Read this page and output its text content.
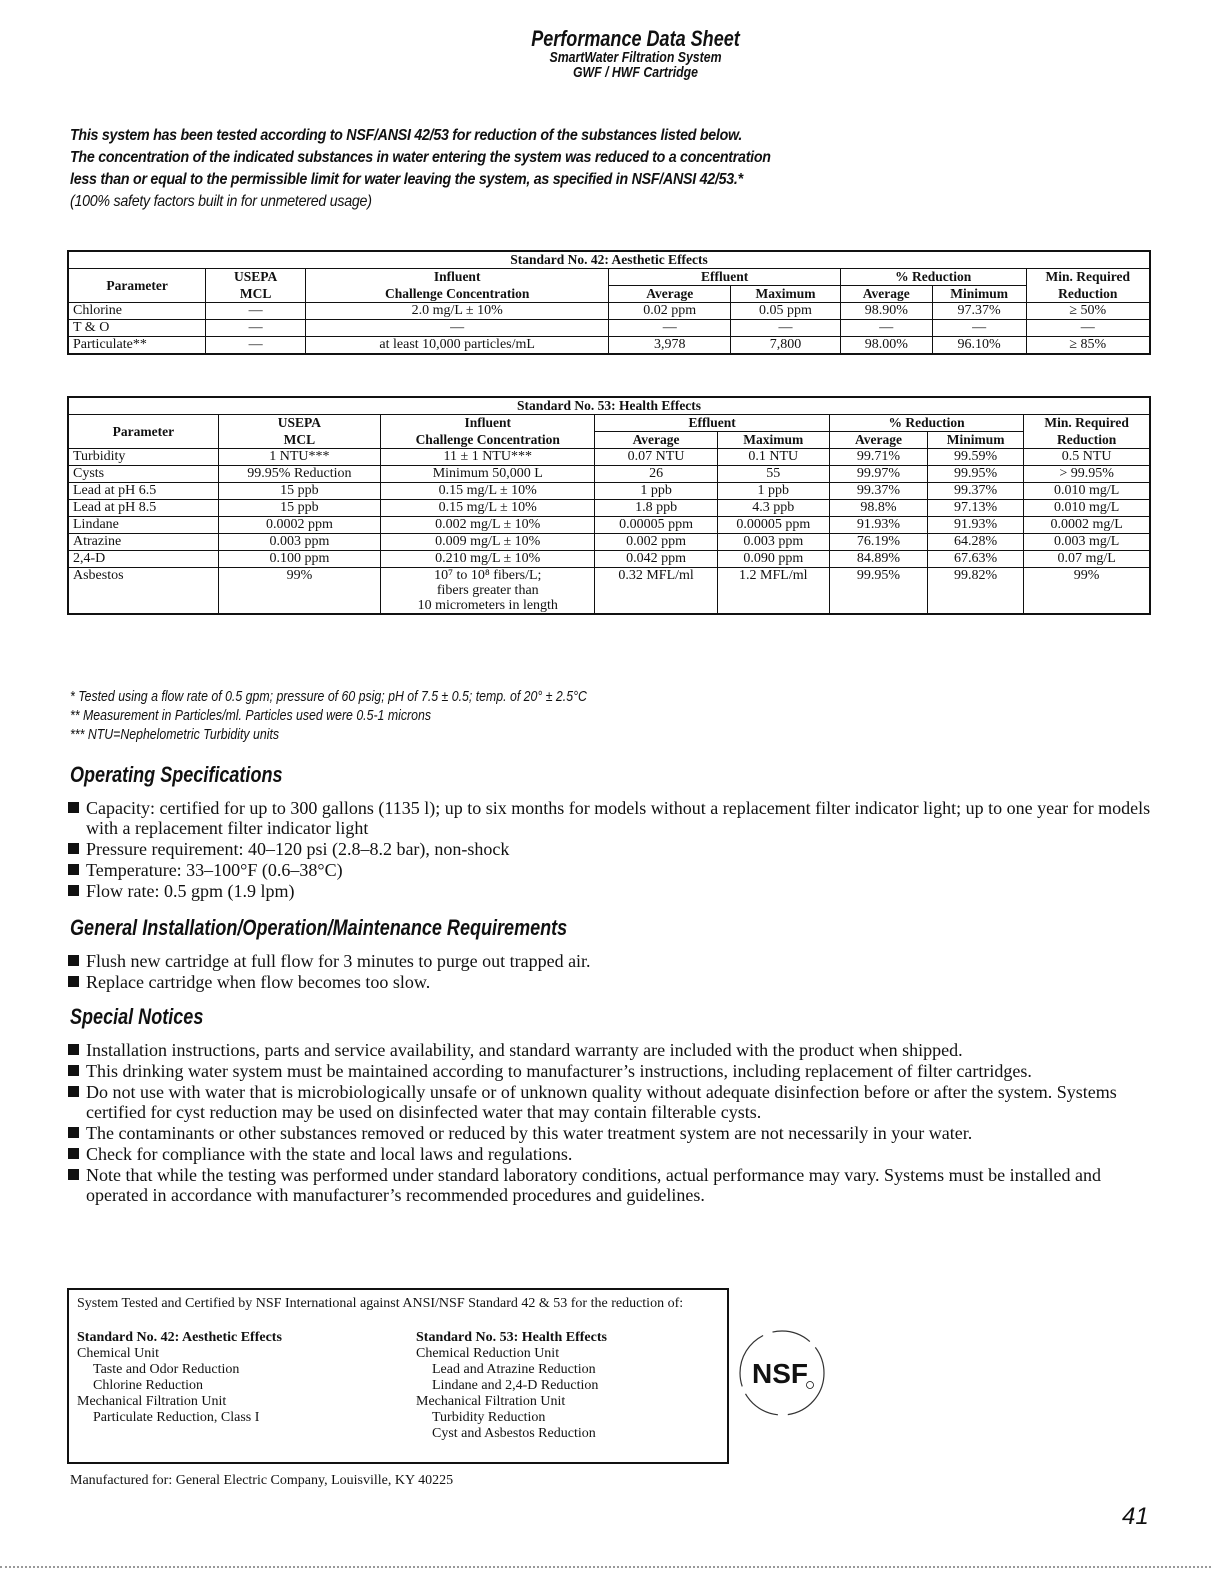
Performance Data Sheet
SmartWater Filtration System
GWF / HWF Cartridge

This system has been tested according to NSF/ANSI 42/53 for reduction of the substances listed below.

The concentration of the indicated substances in water entering the system was reduced to a concentration

less than or equal to the permissible limit for water leaving the system, as specified in NSF/ANSI 42/53.*

(100% safety factors built in for unmetered usage)

Standard No. 42: Aesthetic Effects							
Parameter	USEPA	Influent	Effluent		% Reduction		Min. Required
	MCL	Challenge Concentration	Average	Maximum	Average	Minimum	Reduction
Chlorine	—	2.0 mg/L ± 10%	0.02 ppm	0.05 ppm	98.90%	97.37%	≥ 50%
T & O	—	—	—	—	—	—	—
Particulate**	—	at least 10,000 particles/mL	3,978	7,800	98.00%	96.10%	≥ 85%
Standard No. 53: Health Effects							
Parameter	USEPA	Influent	Effluent		% Reduction		Min. Required
	MCL	Challenge Concentration	Average	Maximum	Average	Minimum	Reduction
Turbidity	1 NTU***	11 ± 1 NTU***	0.07 NTU	0.1 NTU	99.71%	99.59%	0.5 NTU
Cysts	99.95% Reduction	Minimum 50,000 L	26	55	99.97%	99.95%	> 99.95%
Lead at pH 6.5	15 ppb	0.15 mg/L ± 10%	1 ppb	1 ppb	99.37%	99.37%	0.010 mg/L
Lead at pH 8.5	15 ppb	0.15 mg/L ± 10%	1.8 ppb	4.3 ppb	98.8%	97.13%	0.010 mg/L
Lindane	0.0002 ppm	0.002 mg/L ± 10%	0.00005 ppm	0.00005 ppm	91.93%	91.93%	0.0002 mg/L
Atrazine	0.003 ppm	0.009 mg/L ± 10%	0.002 ppm	0.003 ppm	76.19%	64.28%	0.003 mg/L
2,4-D	0.100 ppm	0.210 mg/L ± 10%	0.042 ppm	0.090 ppm	84.89%	67.63%	0.07 mg/L
Asbestos	99%	10⁷ to 10⁸ fibers/L;
fibers greater than
10 micrometers in length	0.32 MFL/ml	1.2 MFL/ml	99.95%	99.82%	99%
* Tested using a flow rate of 0.5 gpm; pressure of 60 psig; pH of 7.5 ± 0.5; temp. of 20° ± 2.5°C
** Measurement in Particles/ml. Particles used were 0.5-1 microns
*** NTU=Nephelometric Turbidity units
Operating Specifications
Capacity: certified for up to 300 gallons (1135 l); up to six months for models without a replacement filter indicator light; up to one year for models with a replacement filter indicator light
Pressure requirement: 40–120 psi (2.8–8.2 bar), non-shock
Temperature: 33–100°F (0.6–38°C)
Flow rate: 0.5 gpm (1.9 lpm)
General Installation/Operation/Maintenance Requirements
Flush new cartridge at full flow for 3 minutes to purge out trapped air.
Replace cartridge when flow becomes too slow.
Special Notices
Installation instructions, parts and service availability, and standard warranty are included with the product when shipped.
This drinking water system must be maintained according to manufacturer’s instructions, including replacement of filter cartridges.
Do not use with water that is microbiologically unsafe or of unknown quality without adequate disinfection before or after the system. Systems certified for cyst reduction may be used on disinfected water that may contain filterable cysts.
The contaminants or other substances removed or reduced by this water treatment system are not necessarily in your water.
Check for compliance with the state and local laws and regulations.
Note that while the testing was performed under standard laboratory conditions, actual performance may vary. Systems must be installed and operated in accordance with manufacturer’s recommended procedures and guidelines.
System Tested and Certified by NSF International against ANSI/NSF Standard 42 & 53 for the reduction of:
Standard No. 42: Aesthetic Effects
Chemical Unit
Taste and Odor Reduction
Chlorine Reduction
Mechanical Filtration Unit
Particulate Reduction, Class I
Standard No. 53: Health Effects
Chemical Reduction Unit
Lead and Atrazine Reduction
Lindane and 2,4-D Reduction
Mechanical Filtration Unit
Turbidity Reduction
Cyst and Asbestos Reduction
NSF
Manufactured for: General Electric Company, Louisville, KY 40225
41
